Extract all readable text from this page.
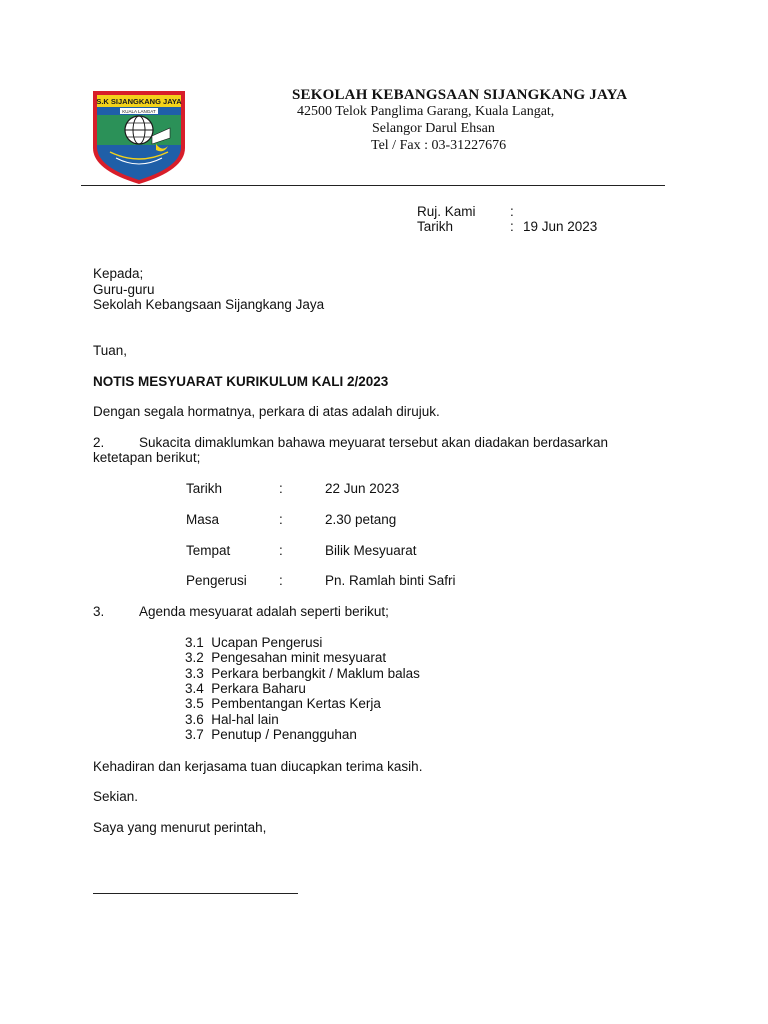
S.K SIJANGKANG JAYA
KUALA LANGAT
SEKOLAH KEBANGSAAN SIJANGKANG JAYA
42500 Telok Panglima Garang, Kuala Langat,
Selangor Darul Ehsan
Tel / Fax : 03-31227676
Ruj. Kami	:
Tarikh	: 19 Jun 2023
Kepada;
Guru-guru
Sekolah Kebangsaan Sijangkang Jaya
Tuan,
NOTIS MESYUARAT KURIKULUM KALI 2/2023
Dengan segala hormatnya, perkara di atas adalah dirujuk.
2.	Sukacita dimaklumkan bahawa meyuarat tersebut akan diadakan berdasarkan
ketetapan berikut;
Tarikh	:	22 Jun 2023
Masa	:	2.30 petang
Tempat	:	Bilik Mesyuarat
Pengerusi :	Pn. Ramlah binti Safri
3.	Agenda mesyuarat adalah seperti berikut;
3.1  Ucapan Pengerusi
3.2  Pengesahan minit mesyuarat
3.3  Perkara berbangkit / Maklum balas
3.4  Perkara Baharu
3.5  Pembentangan Kertas Kerja
3.6  Hal-hal lain
3.7  Penutup / Penangguhan
Kehadiran dan kerjasama tuan diucapkan terima kasih.
Sekian.
Saya yang menurut perintah,
